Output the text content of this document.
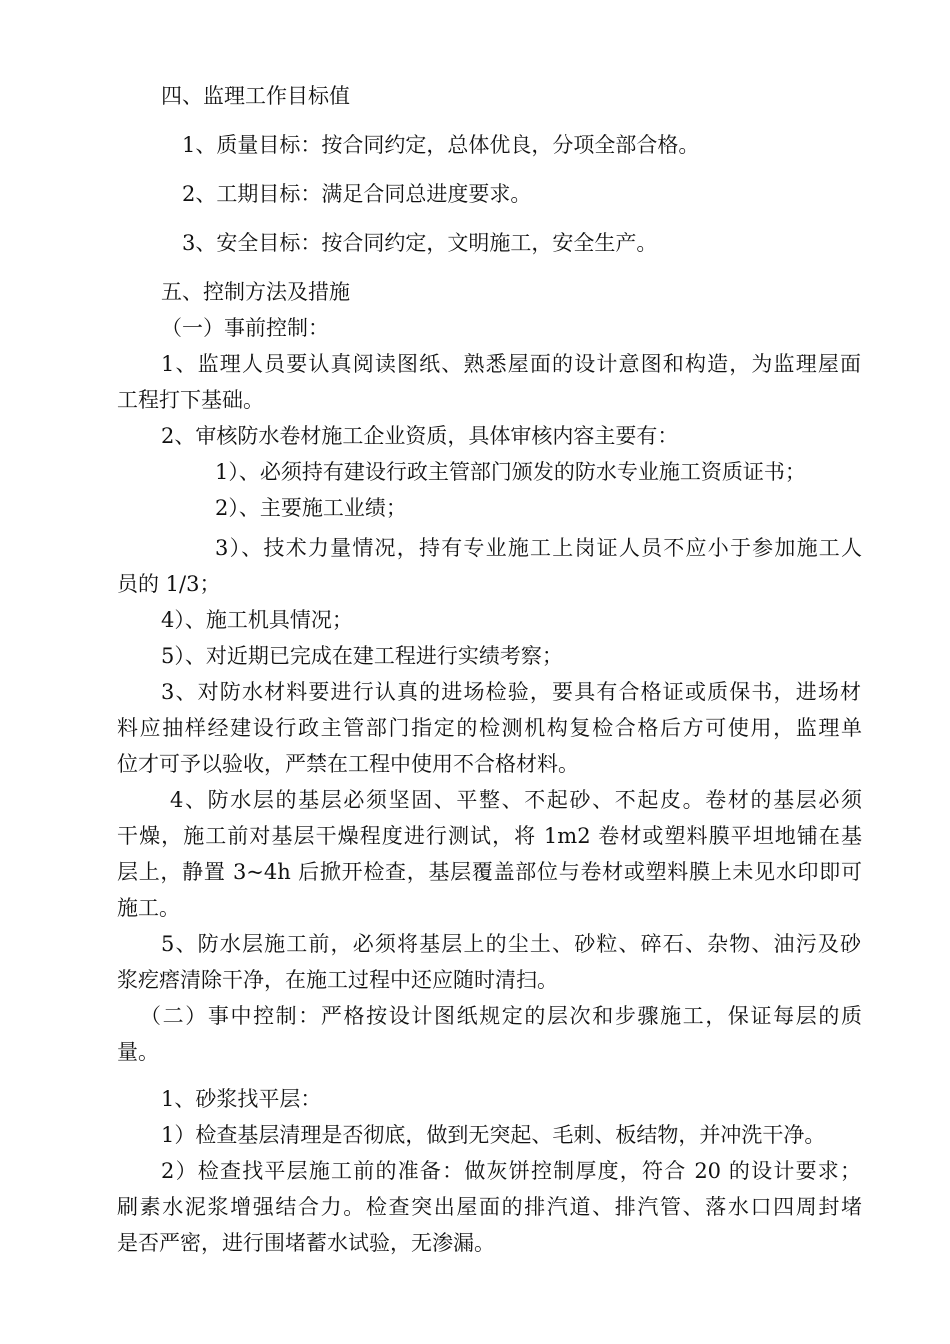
四、监理工作目标值

1、质量目标：按合同约定，总体优良，分项全部合格。

2、工期目标：满足合同总进度要求。

3、安全目标：按合同约定，文明施工，安全生产。

五、控制方法及措施

（一）事前控制：

1、监理人员要认真阅读图纸、熟悉屋面的设计意图和构造，为监理屋面

工程打下基础。

2、审核防水卷材施工企业资质，具体审核内容主要有：

1）、必须持有建设行政主管部门颁发的防水专业施工资质证书；

2）、主要施工业绩；

3）、技术力量情况，持有专业施工上岗证人员不应小于参加施工人

员的 1/3；

4）、施工机具情况；

5）、对近期已完成在建工程进行实绩考察；

3、对防水材料要进行认真的进场检验，要具有合格证或质保书，进场材

料应抽样经建设行政主管部门指定的检测机构复检合格后方可使用，监理单

位才可予以验收，严禁在工程中使用不合格材料。

4、防水层的基层必须坚固、平整、不起砂、不起皮。卷材的基层必须

干燥，施工前对基层干燥程度进行测试，将 1m2 卷材或塑料膜平坦地铺在基

层上，静置 3~4h 后掀开检查，基层覆盖部位与卷材或塑料膜上未见水印即可

施工。

5、防水层施工前，必须将基层上的尘土、砂粒、碎石、杂物、油污及砂

浆疙瘩清除干净，在施工过程中还应随时清扫。

（二）事中控制：严格按设计图纸规定的层次和步骤施工，保证每层的质

量。

1、砂浆找平层：

1）检查基层清理是否彻底，做到无突起、毛刺、板结物，并冲洗干净。

2）检查找平层施工前的准备：做灰饼控制厚度，符合 20 的设计要求；

刷素水泥浆增强结合力。检查突出屋面的排汽道、排汽管、落水口四周封堵

是否严密，进行围堵蓄水试验，无渗漏。
